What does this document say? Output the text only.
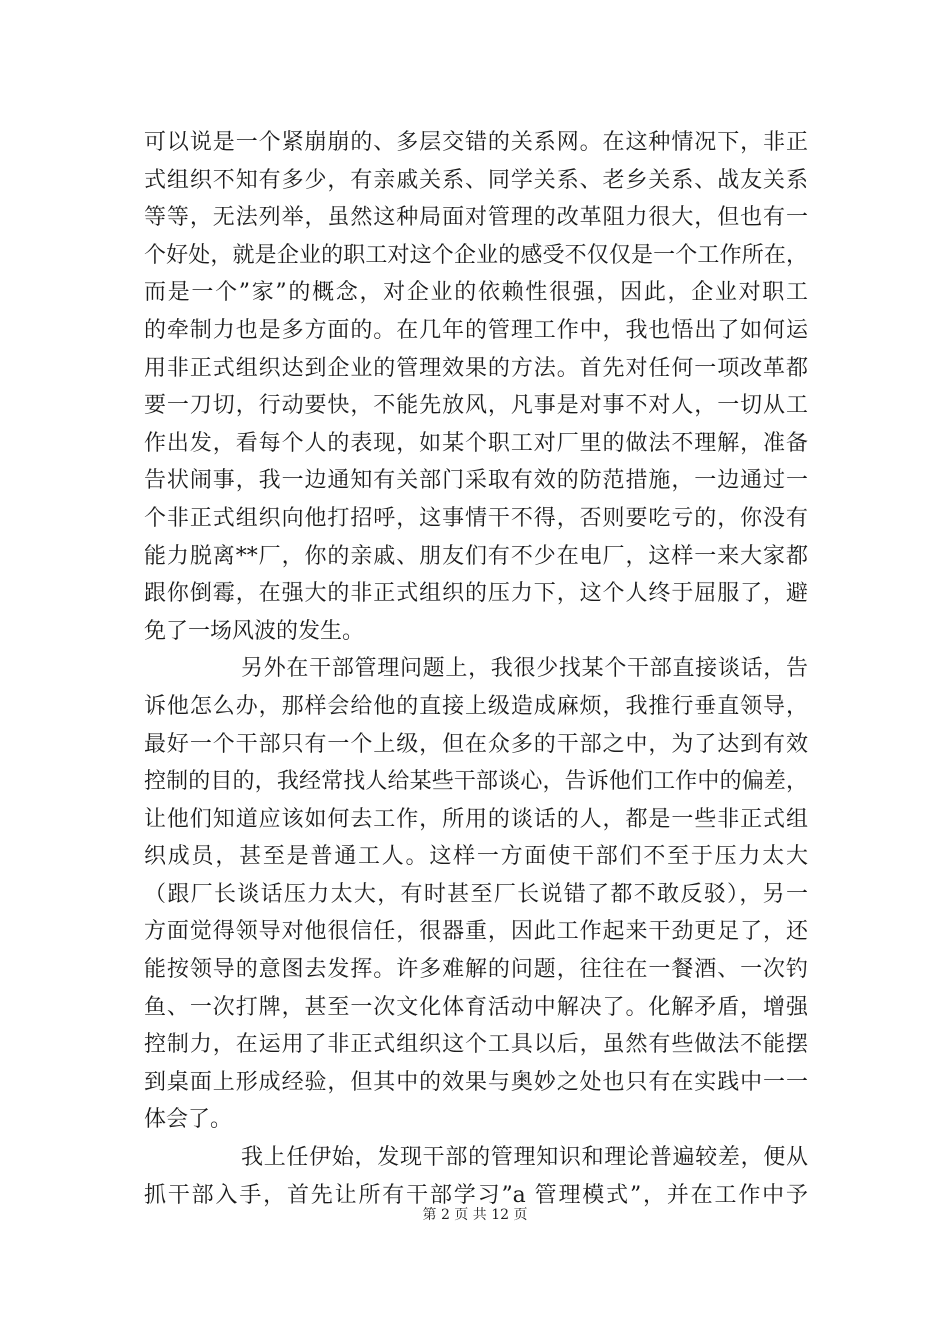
可以说是一个紧崩崩的、多层交错的关系网。在这种情况下，非正
式组织不知有多少，有亲戚关系、同学关系、老乡关系、战友关系
等等，无法列举，虽然这种局面对管理的改革阻力很大，但也有一
个好处，就是企业的职工对这个企业的感受不仅仅是一个工作所在，
而是一个”家”的概念，对企业的依赖性很强，因此，企业对职工
的牵制力也是多方面的。在几年的管理工作中，我也悟出了如何运
用非正式组织达到企业的管理效果的方法。首先对任何一项改革都
要一刀切，行动要快，不能先放风，凡事是对事不对人，一切从工
作出发，看每个人的表现，如某个职工对厂里的做法不理解，准备
告状闹事，我一边通知有关部门采取有效的防范措施，一边通过一
个非正式组织向他打招呼，这事情干不得，否则要吃亏的，你没有
能力脱离**厂，你的亲戚、朋友们有不少在电厂，这样一来大家都
跟你倒霉，在强大的非正式组织的压力下，这个人终于屈服了，避
免了一场风波的发生。
另外在干部管理问题上，我很少找某个干部直接谈话，告
诉他怎么办，那样会给他的直接上级造成麻烦，我推行垂直领导，
最好一个干部只有一个上级，但在众多的干部之中，为了达到有效
控制的目的，我经常找人给某些干部谈心，告诉他们工作中的偏差，
让他们知道应该如何去工作，所用的谈话的人，都是一些非正式组
织成员，甚至是普通工人。这样一方面使干部们不至于压力太大
（跟厂长谈话压力太大，有时甚至厂长说错了都不敢反驳），另一
方面觉得领导对他很信任，很器重，因此工作起来干劲更足了，还
能按领导的意图去发挥。许多难解的问题，往往在一餐酒、一次钓
鱼、一次打牌，甚至一次文化体育活动中解决了。化解矛盾，增强
控制力，在运用了非正式组织这个工具以后，虽然有些做法不能摆
到桌面上形成经验，但其中的效果与奥妙之处也只有在实践中一一
体会了。
我上任伊始，发现干部的管理知识和理论普遍较差，便从
抓干部入手，首先让所有干部学习”a 管理模式”，并在工作中予
第 2 页 共 12 页
